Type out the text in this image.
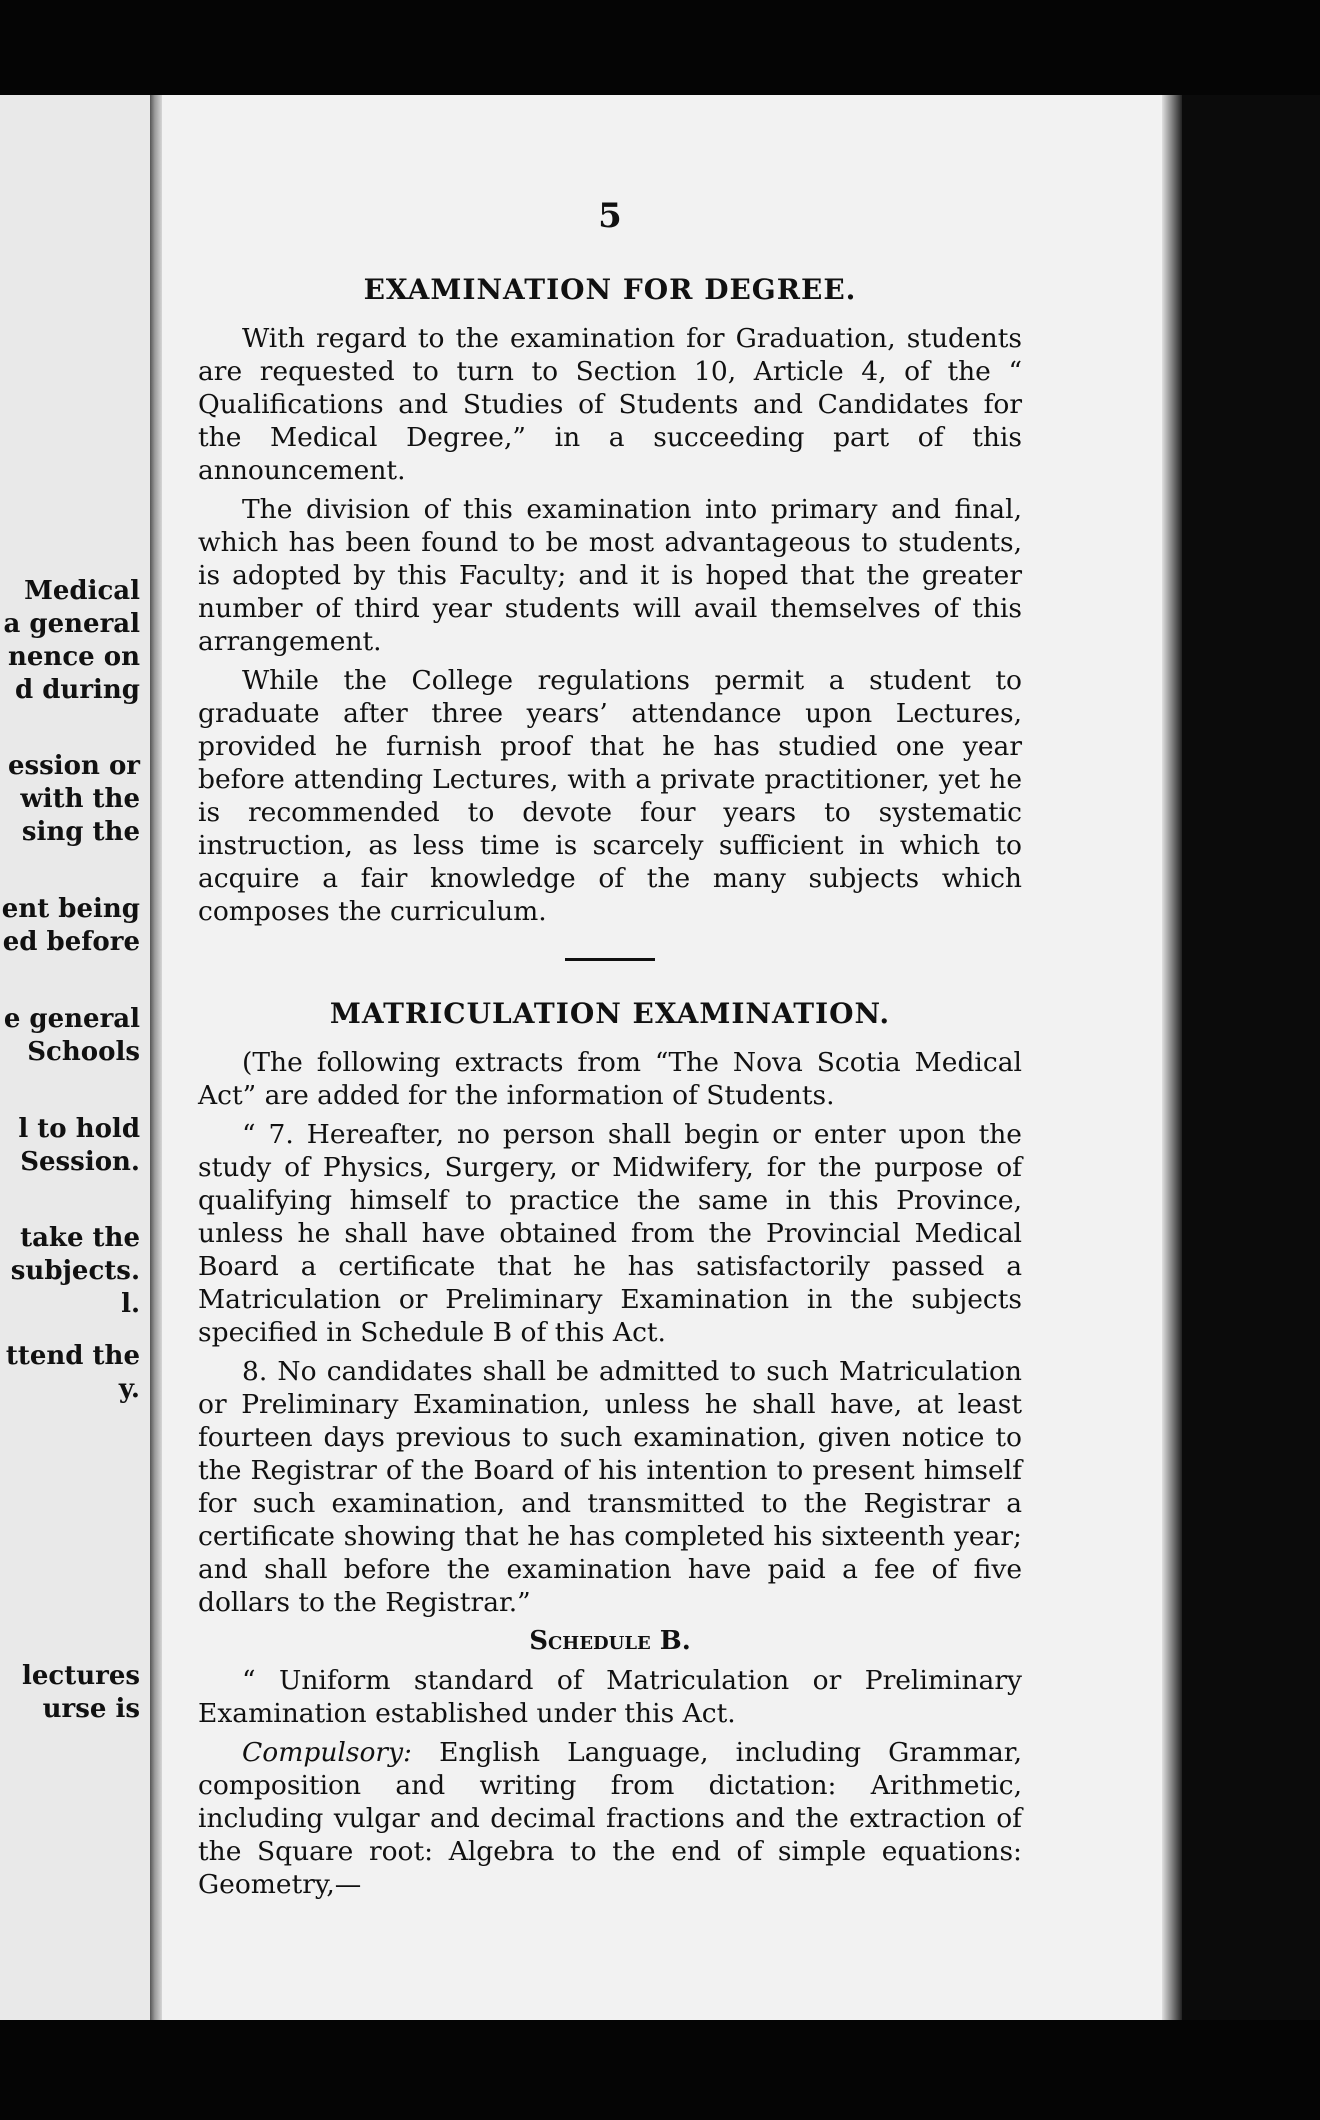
Medical
a general
nence on
d during
ession or
with the
sing the
ent being
ed before
e general
Schools
l to hold
Session.
take the
subjects.
l.
ttend the
y.
lectures
urse is
5
EXAMINATION FOR DEGREE.

With regard to the examination for Graduation, students are requested to turn to Section 10, Article 4, of the “ Qualifications and Studies of Students and Candidates for the Medical Degree,” in a succeeding part of this announcement.

The division of this examination into primary and final, which has been found to be most advantageous to students, is adopted by this Faculty; and it is hoped that the greater number of third year students will avail themselves of this arrangement.

While the College regulations permit a student to graduate after three years’ attendance upon Lectures, provided he furnish proof that he has studied one year before attending Lectures, with a private practitioner, yet he is recommended to devote four years to systematic instruction, as less time is scarcely sufficient in which to acquire a fair knowledge of the many subjects which composes the curriculum.

MATRICULATION EXAMINATION.

(The following extracts from “The Nova Scotia Medical Act” are added for the information of Students.

“ 7. Hereafter, no person shall begin or enter upon the study of Physics, Surgery, or Midwifery, for the purpose of qualifying himself to practice the same in this Province, unless he shall have obtained from the Provincial Medical Board a certificate that he has satisfactorily passed a Matriculation or Preliminary Examination in the subjects specified in Schedule B of this Act.

8. No candidates shall be admitted to such Matriculation or Preliminary Examination, unless he shall have, at least fourteen days previous to such examination, given notice to the Registrar of the Board of his intention to present himself for such examination, and transmitted to the Registrar a certificate showing that he has completed his sixteenth year; and shall before the examination have paid a fee of five dollars to the Registrar.”

Schedule B.

“ Uniform standard of Matriculation or Preliminary Examination established under this Act.

Compulsory: English Language, including Grammar, composition and writing from dictation: Arithmetic, including vulgar and decimal fractions and the extraction of the Square root: Algebra to the end of simple equations: Geometry,—
